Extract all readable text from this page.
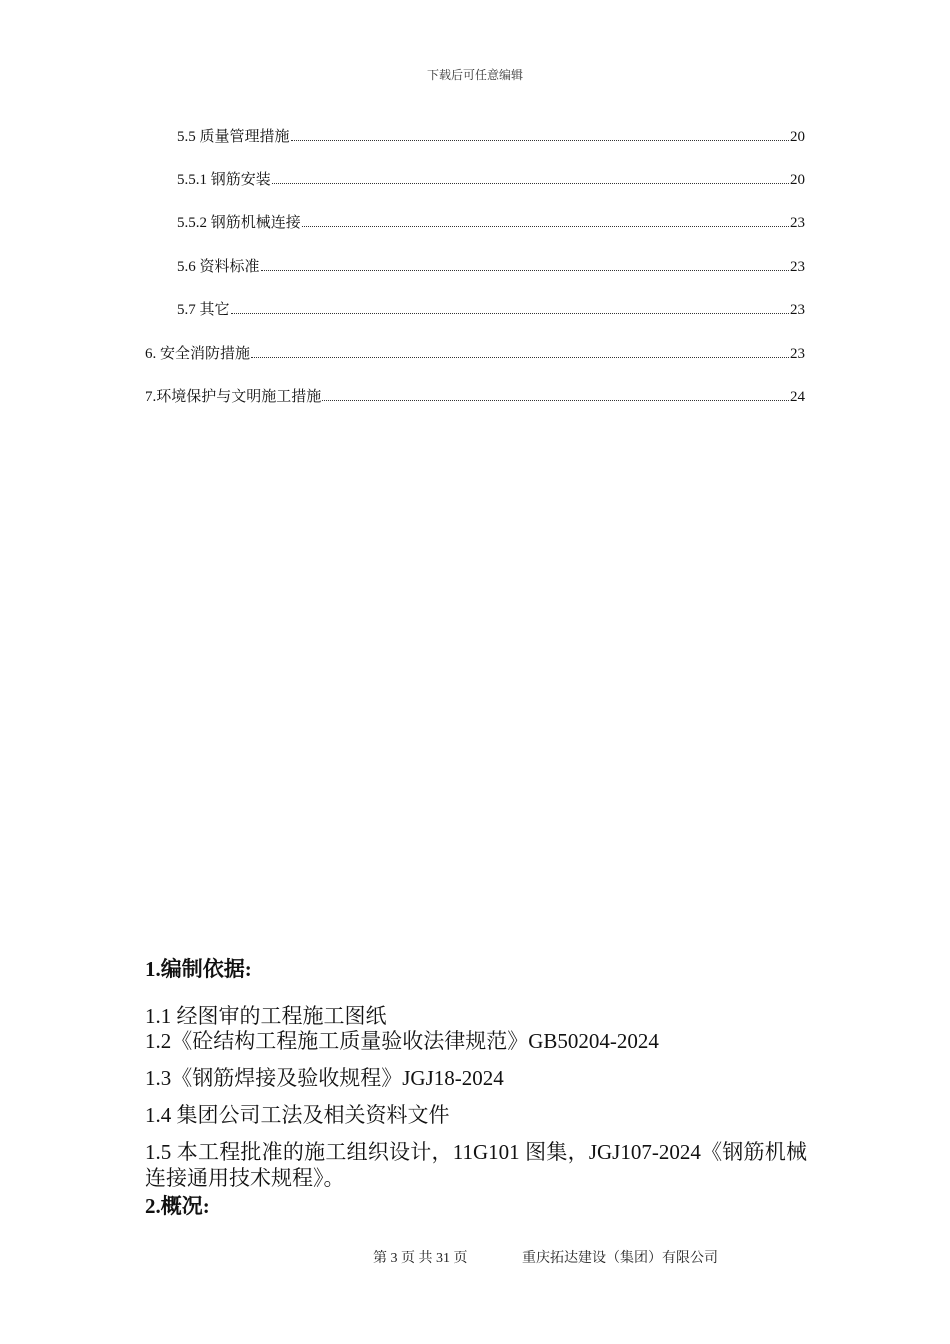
下载后可任意编辑
5.5 质量管理措施	20
5.5.1 钢筋安装	20
5.5.2 钢筋机械连接	23
5.6 资料标准	23
5.7 其它	23
6. 安全消防措施	23
7.环境保护与文明施工措施	24
1.编制依据:
1.1 经图审的工程施工图纸
1.2《砼结构工程施工质量验收法律规范》GB50204-2024
1.3《钢筋焊接及验收规程》JGJ18-2024
1.4 集团公司工法及相关资料文件
1.5 本工程批准的施工组织设计，11G101 图集，JGJ107-2024《钢筋机械连接通用技术规程》。
2.概况:
第 3 页 共 31 页	重庆拓达建设（集团）有限公司
